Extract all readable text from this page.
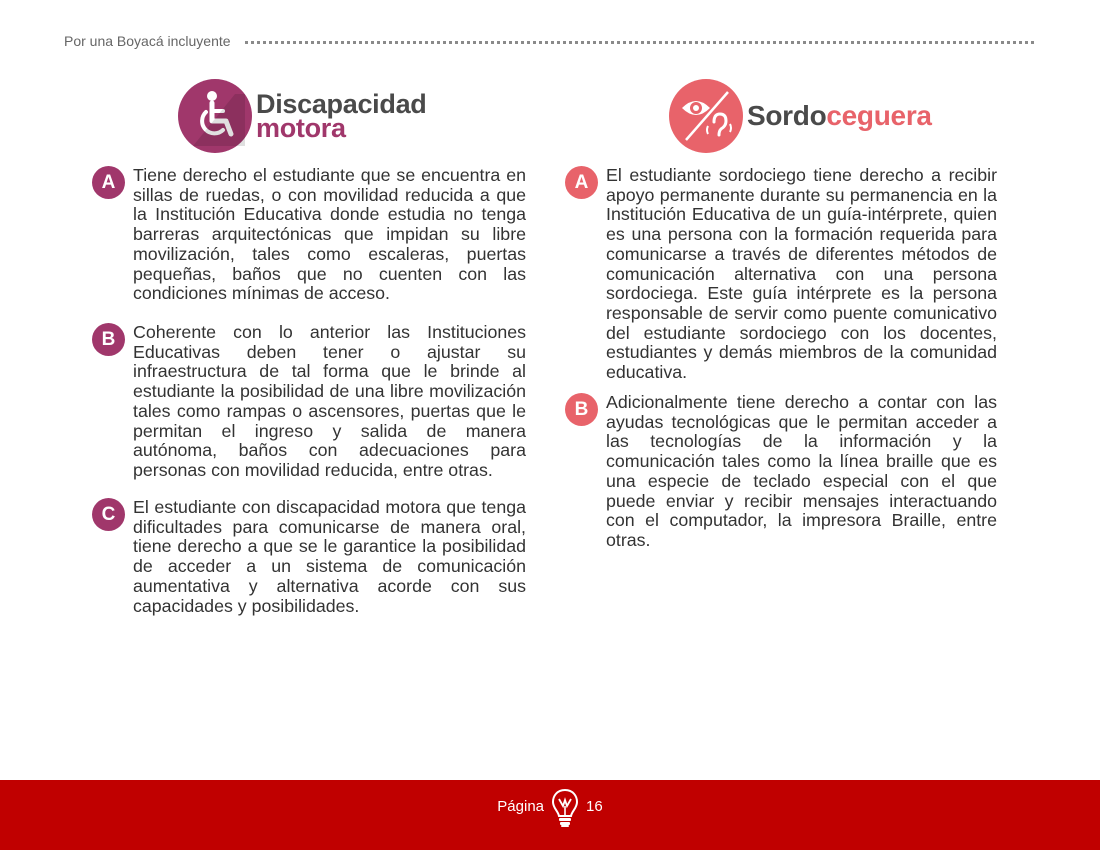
Por una Boyacá incluyente
Discapacidad
motora
A Tiene derecho el estudiante que se encuentra en sillas de ruedas, o con movilidad reducida a que la Institución Educativa donde estudia no tenga barreras arquitectónicas que impidan su libre movilización, tales como escaleras, puertas pequeñas, baños que no cuenten con las condiciones mínimas de acceso.
B Coherente con lo anterior las Instituciones Educativas deben tener o ajustar su infraestructura de tal forma que le brinde al estudiante la posibilidad de una libre movilización tales como rampas o ascensores, puertas que le permitan el ingreso y salida de manera autónoma, baños con adecuaciones para personas con movilidad reducida, entre otras.
C El estudiante con discapacidad motora que tenga dificultades para comunicarse de manera oral, tiene derecho a que se le garantice la posibilidad de acceder a un sistema de comunicación aumentativa y alternativa acorde con sus capacidades y posibilidades.
Sordoceguera
A El estudiante sordociego tiene derecho a recibir apoyo permanente durante su permanencia en la Institución Educativa de un guía-intérprete, quien es una persona con la formación requerida para comunicarse a través de diferentes métodos de comunicación alternativa con una persona sordociega. Este guía intérprete es la persona responsable de servir como puente comunicativo del estudiante sordociego con los docentes, estudiantes y demás miembros de la comunidad educativa.
B Adicionalmente tiene derecho a contar con las ayudas tecnológicas que le permitan acceder a las tecnologías de la información y la comunicación tales como la línea braille que es una especie de teclado especial con el que puede enviar y recibir mensajes interactuando con el computador, la impresora Braille, entre otras.
Página	16
